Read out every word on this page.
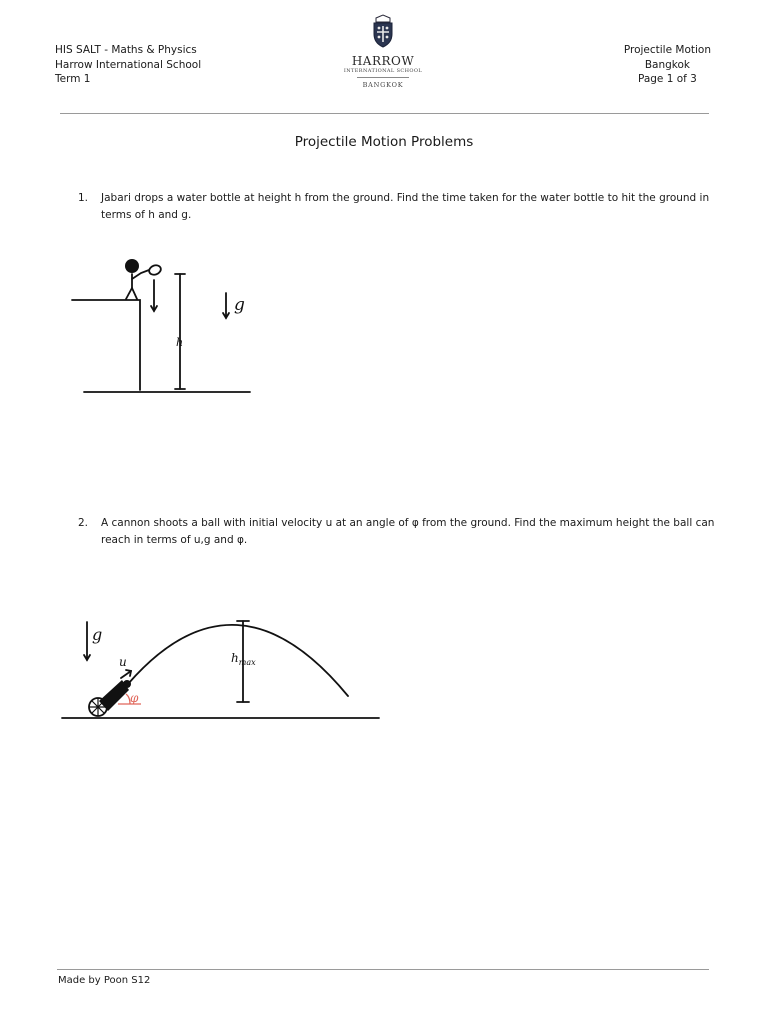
HIS SALT - Maths & Physics
Harrow International School
Term 1
HARROW
INTERNATIONAL SCHOOL
BANGKOK
Projectile Motion
Bangkok
Page 1 of 3
Projectile Motion Problems
1. Jabari drops a water bottle at height h from the ground. Find the time taken for the water bottle to hit the ground in terms of h and g.
g
h
2. A cannon shoots a ball with initial velocity u at an angle of φ from the ground. Find the maximum height the ball can reach in terms of u,g and φ.
φ
g
u	$h_{max}$
Made by Poon S12
